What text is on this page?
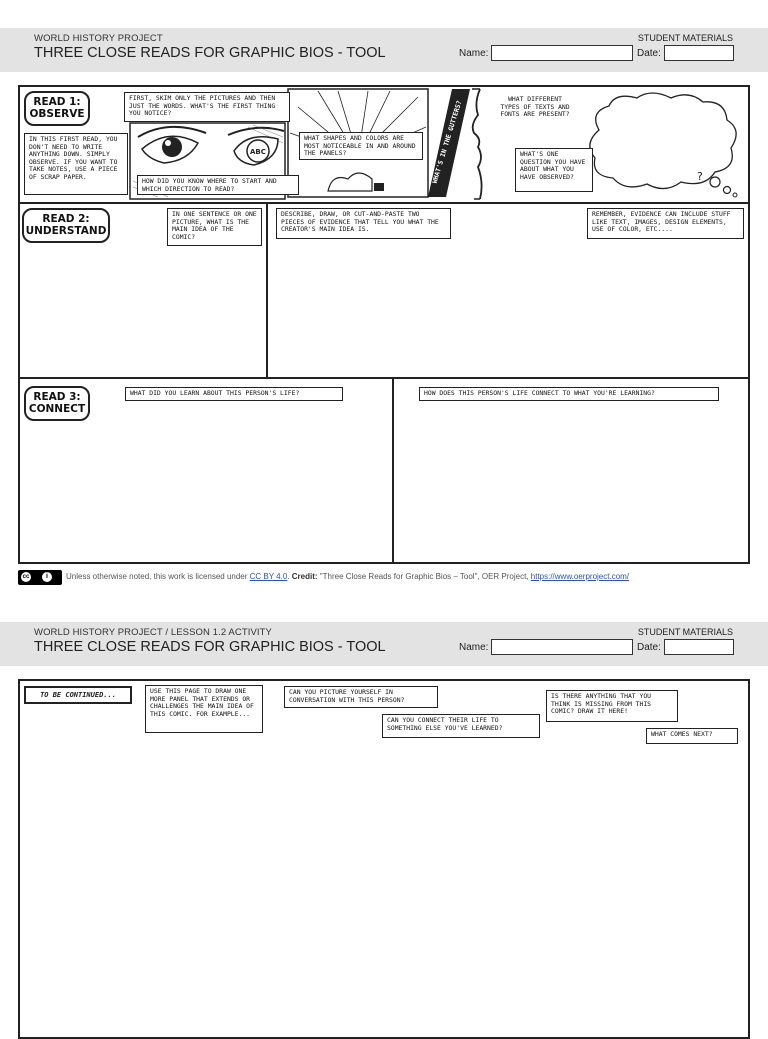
WORLD HISTORY PROJECT
THREE CLOSE READS FOR GRAPHIC BIOS - TOOL
STUDENT MATERIALS
Name:	Date:
ABC
?
READ 1:
OBSERVE
IN THIS FIRST READ, YOU DON'T NEED TO WRITE ANYTHING DOWN. SIMPLY OBSERVE. IF YOU WANT TO TAKE NOTES, USE A PIECE OF SCRAP PAPER.
FIRST, SKIM ONLY THE PICTURES AND THEN JUST THE WORDS. WHAT'S THE FIRST THING YOU NOTICE?
HOW DID YOU KNOW WHERE TO START AND WHICH DIRECTION TO READ?
WHAT SHAPES AND COLORS ARE MOST NOTICEABLE IN AND AROUND THE PANELS?	WHAT'S IN THE GUTTERS?
WHAT DIFFERENT TYPES OF TEXTS AND FONTS ARE PRESENT?
WHAT'S ONE QUESTION YOU HAVE ABOUT WHAT YOU HAVE OBSERVED?
READ 2:
UNDERSTAND
IN ONE SENTENCE OR ONE PICTURE, WHAT IS THE MAIN IDEA OF THE COMIC?
DESCRIBE, DRAW, OR CUT-AND-PASTE TWO PIECES OF EVIDENCE THAT TELL YOU WHAT THE CREATOR'S MAIN IDEA IS.
REMEMBER, EVIDENCE CAN INCLUDE STUFF LIKE TEXT, IMAGES, DESIGN ELEMENTS, USE OF COLOR, ETC....
READ 3:
CONNECT
WHAT DID YOU LEARN ABOUT THIS PERSON'S LIFE?	HOW DOES THIS PERSON'S LIFE CONNECT TO WHAT YOU'RE LEARNING?
cc	i	Unless otherwise noted, this work is licensed under CC BY 4.0. Credit: "Three Close Reads for Graphic Bios – Tool", OER Project, https://www.oerproject.com/
WORLD HISTORY PROJECT / LESSON 1.2 ACTIVITY
THREE CLOSE READS FOR GRAPHIC BIOS - TOOL
STUDENT MATERIALS
Name:	Date:
TO BE CONTINUED...	USE THIS PAGE TO DRAW ONE MORE PANEL THAT EXTENDS OR CHALLENGES THE MAIN IDEA OF THIS COMIC. FOR EXAMPLE...
CAN YOU PICTURE YOURSELF IN CONVERSATION WITH THIS PERSON?
CAN YOU CONNECT THEIR LIFE TO SOMETHING ELSE YOU'VE LEARNED?
IS THERE ANYTHING THAT YOU THINK IS MISSING FROM THIS COMIC? DRAW IT HERE!
WHAT COMES NEXT?
